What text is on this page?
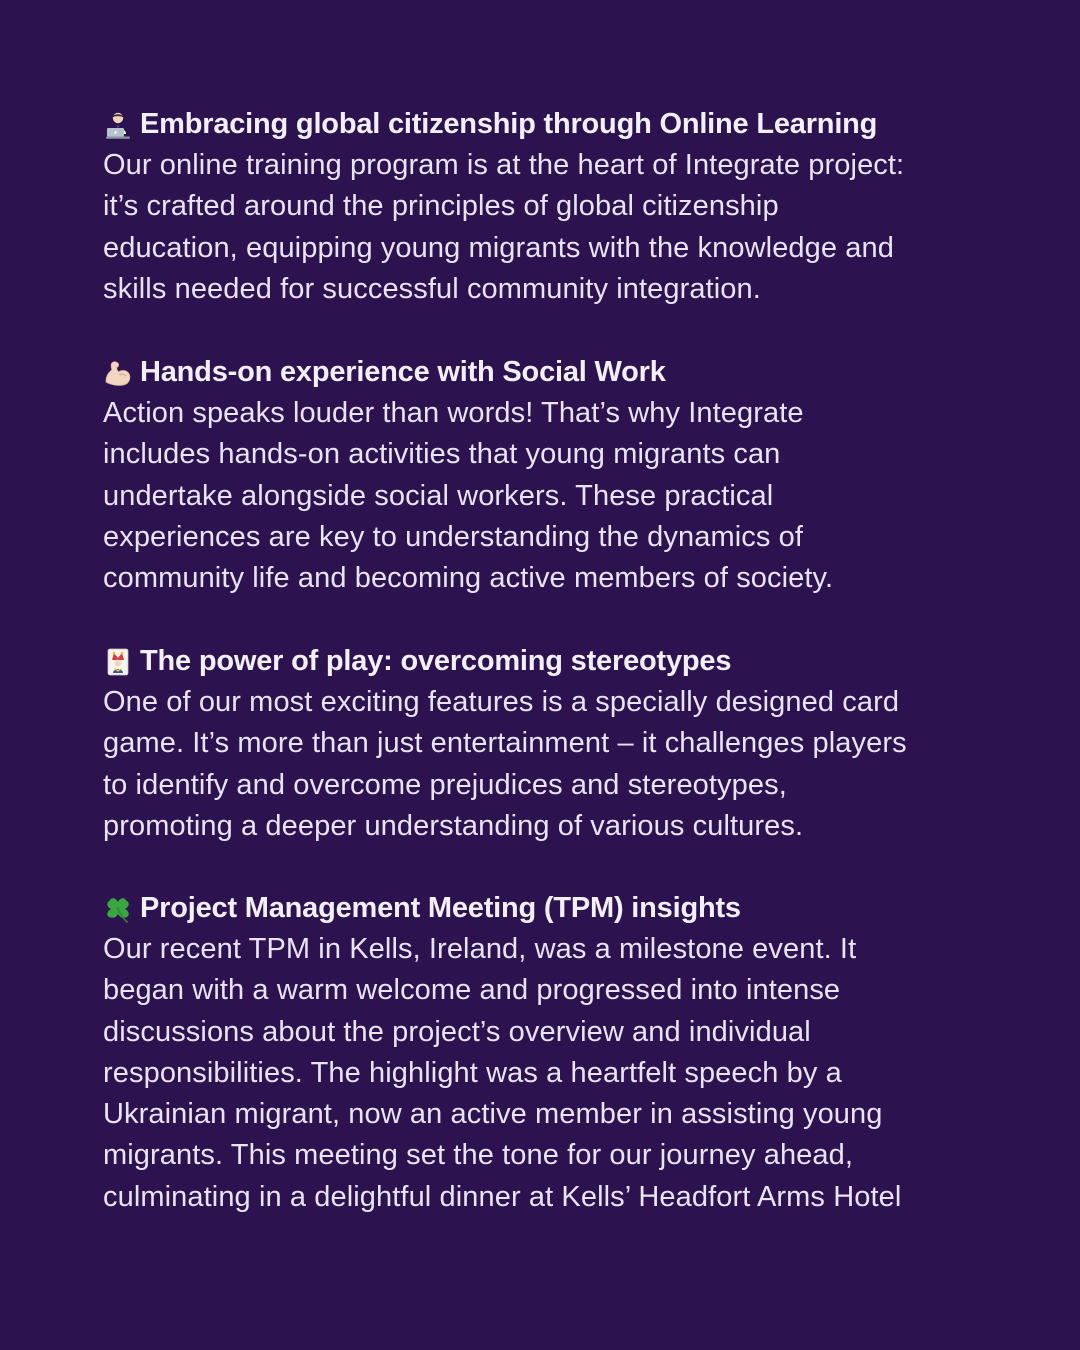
Embracing global citizenship through Online Learning
Our online training program is at the heart of Integrate project:
it’s crafted around the principles of global citizenship
education, equipping young migrants with the knowledge and
skills needed for successful community integration.
Hands-on experience with Social Work
Action speaks louder than words! That’s why Integrate
includes hands-on activities that young migrants can
undertake alongside social workers. These practical
experiences are key to understanding the dynamics of
community life and becoming active members of society.
The power of play: overcoming stereotypes
One of our most exciting features is a specially designed card
game. It’s more than just entertainment – it challenges players
to identify and overcome prejudices and stereotypes,
promoting a deeper understanding of various cultures.
Project Management Meeting (TPM) insights
Our recent TPM in Kells, Ireland, was a milestone event. It
began with a warm welcome and progressed into intense
discussions about the project’s overview and individual
responsibilities. The highlight was a heartfelt speech by a
Ukrainian migrant, now an active member in assisting young
migrants. This meeting set the tone for our journey ahead,
culminating in a delightful dinner at Kells’ Headfort Arms Hotel
